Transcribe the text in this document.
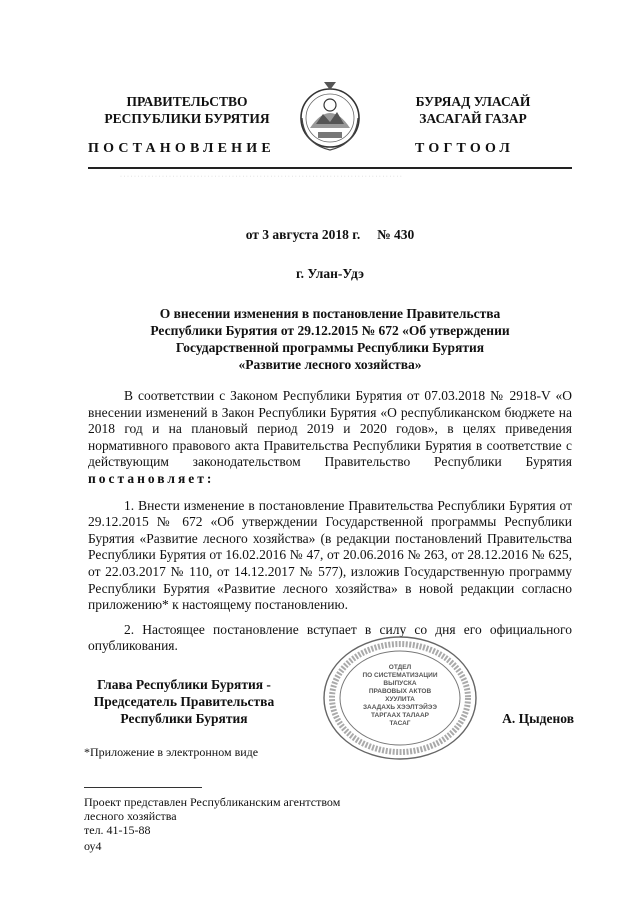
ПРАВИТЕЛЬСТВО
РЕСПУБЛИКИ БУРЯТИЯ
БУРЯАД УЛАСАЙ
ЗАСАГАЙ ГАЗАР
ПОСТАНОВЛЕНИЕ	ТОГТООЛ
· · · · · · · · · · · · · · · · · · · · · · · · · · · · · · · · · · · · · · · · · · · · · · · · · · · · · · · · · · · · · · · · · · · · · · · · · · · · · · · · ·
от 3 августа 2018 г.     № 430
г. Улан-Удэ
О внесении изменения в постановление Правительства
Республики Бурятия от 29.12.2015 № 672 «Об утверждении
Государственной программы Республики Бурятия
«Развитие лесного хозяйства»

В соответствии с Законом Республики Бурятия от 07.03.2018 № 2918-V «О внесении изменений в Закон Республики Бурятия «О республиканском бюджете на 2018 год и на плановый период 2019 и 2020 годов», в целях приведения нормативного правового акта Правительства Республики Бурятия в соответствие с действующим законодательством Правительство Республики Бурятия постановляет:

1. Внести изменение в постановление Правительства Республики Бурятия от 29.12.2015 № 672 «Об утверждении Государственной программы Республики Бурятия «Развитие лесного хозяйства» (в редакции постановлений Правительства Республики Бурятия от 16.02.2016 № 47, от 20.06.2016 № 263, от 28.12.2016 № 625, от 22.03.2017 № 110, от 14.12.2017 № 577), изложив Государственную программу Республики Бурятия «Развитие лесного хозяйства» в новой редакции согласно приложению* к настоящему постановлению.

2. Настоящее постановление вступает в силу со дня его официального опубликования.

Глава Республики Бурятия -
Председатель Правительства
Республики Бурятия
ОТДЕЛ
ПО СИСТЕМАТИЗАЦИИ
ВЫПУСКА
ПРАВОВЫХ АКТОВ
ХУУЛИТА
ЗААДАХЬ ХЭЭЛТЭЙЭЭ
ТАРГААХ ТАЛААР
ТАСАГ	А. Цыденов
*Приложение в электронном виде
Проект представлен Республиканским агентством
лесного хозяйства
тел. 41-15-88
оу4
